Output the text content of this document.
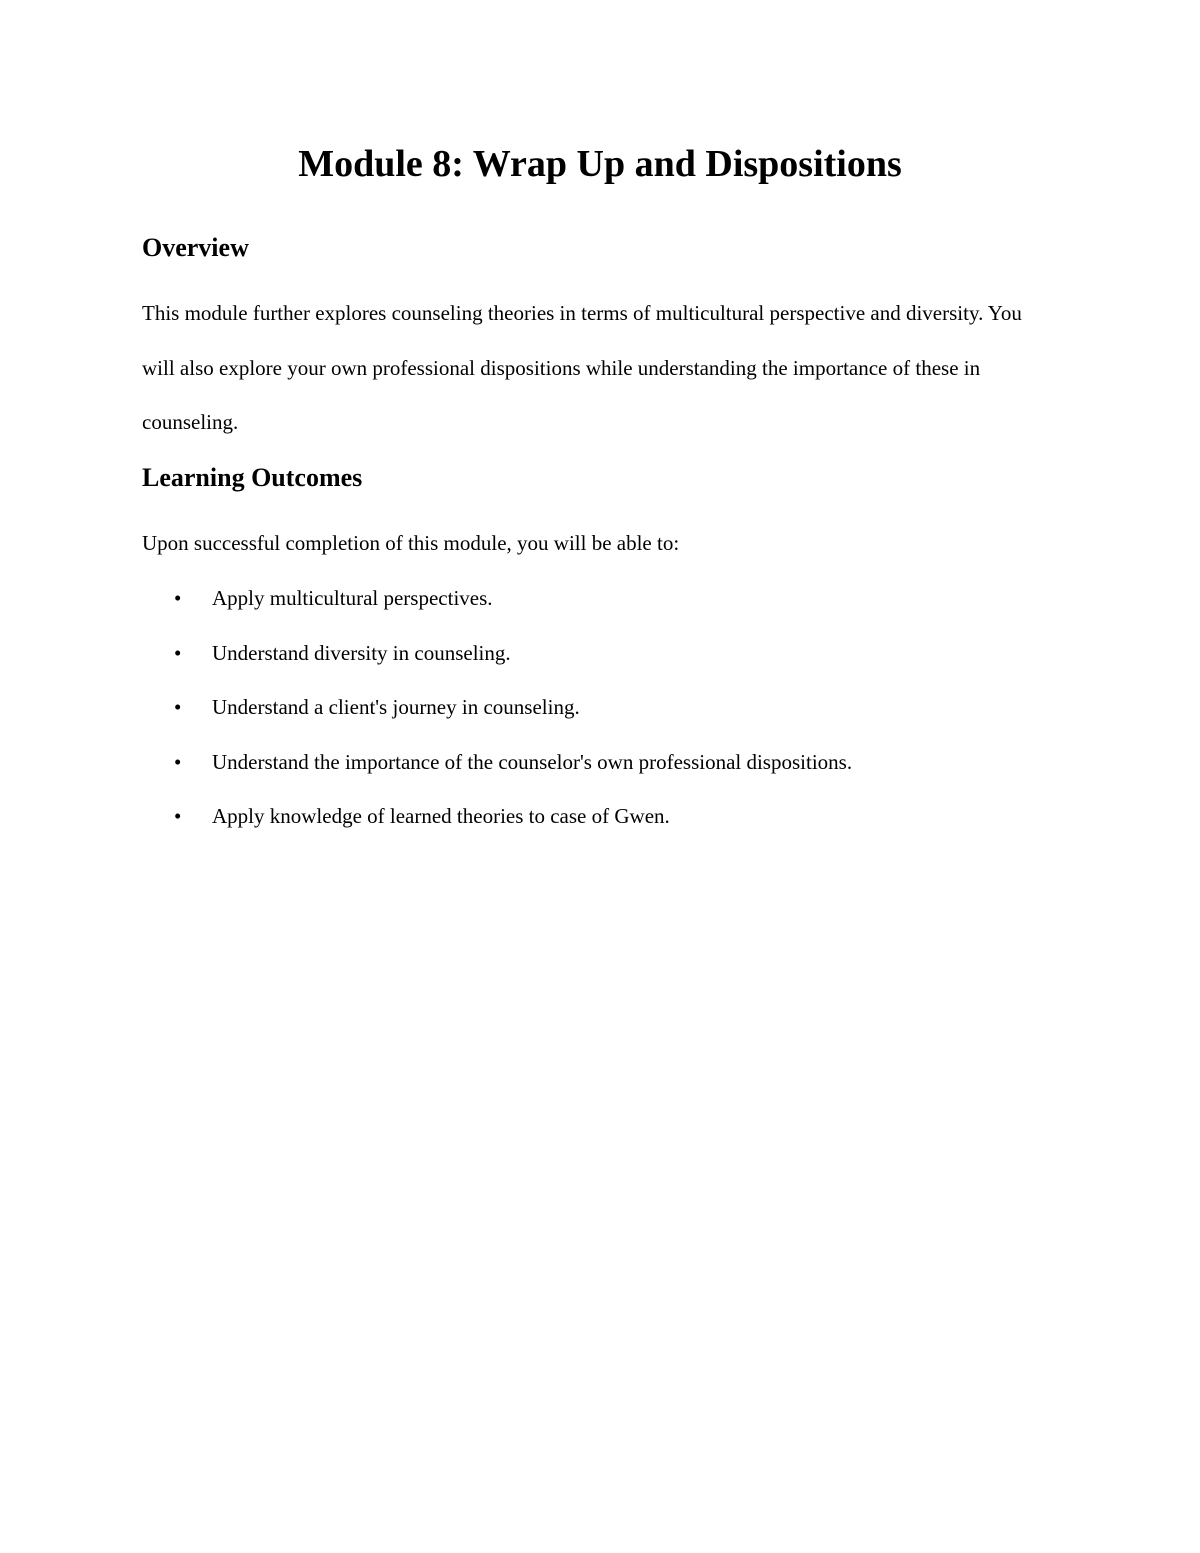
Module 8: Wrap Up and Dispositions
Overview

This module further explores counseling theories in terms of multicultural perspective and diversity. You will also explore your own professional dispositions while understanding the importance of these in counseling.

Learning Outcomes

Upon successful completion of this module, you will be able to:

• Apply multicultural perspectives.
• Understand diversity in counseling.
• Understand a client's journey in counseling.
• Understand the importance of the counselor's own professional dispositions.
• Apply knowledge of learned theories to case of Gwen.
